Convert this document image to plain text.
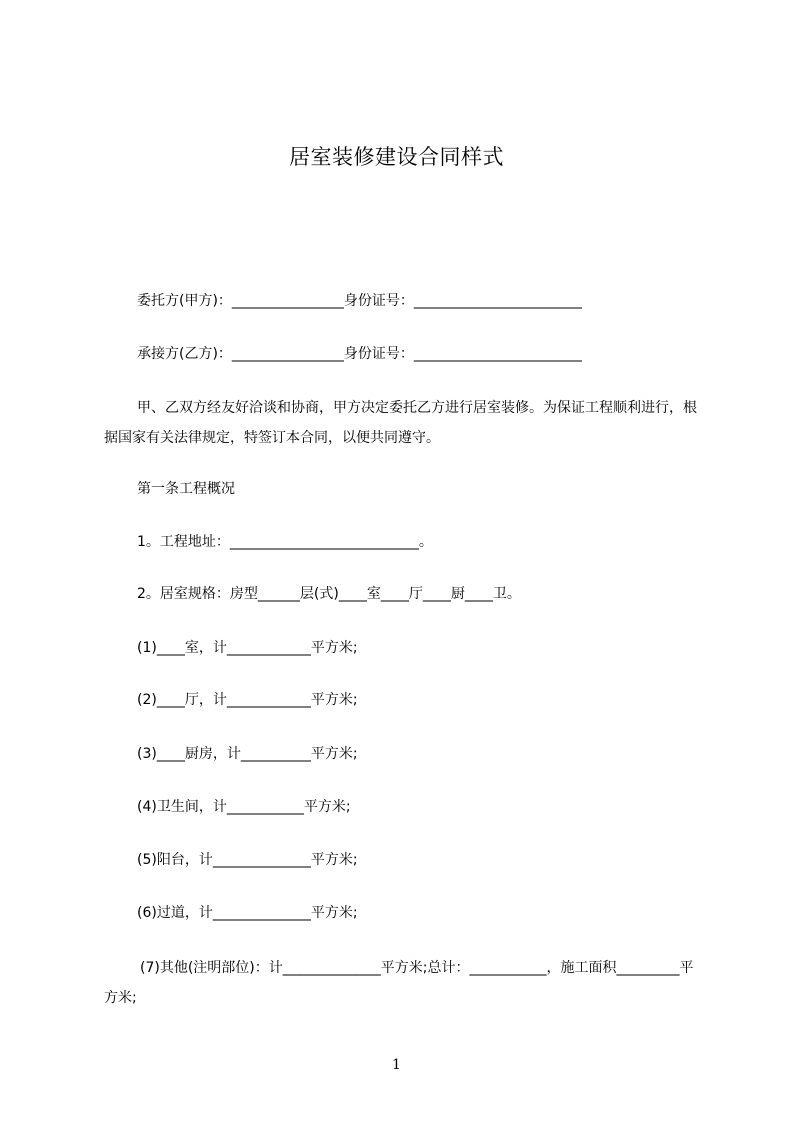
居室装修建设合同样式
委托方(甲方)：________________身份证号：________________________
承接方(乙方)：________________身份证号：________________________
甲、乙双方经友好洽谈和协商，甲方决定委托乙方进行居室装修。为保证工程顺利进行，根据国家有关法律规定，特签订本合同，以便共同遵守。
第一条工程概况
1。工程地址：___________________________。
2。居室规格：房型______层(式)____室____厅____厨____卫。
(1)____室，计____________平方米;
(2)____厅，计____________平方米;
(3)____厨房，计__________平方米;
(4)卫生间，计___________平方米;
(5)阳台，计______________平方米;
(6)过道，计______________平方米;
(7)其他(注明部位)：计______________平方米;总计：___________，施工面积_________平方米;
1
